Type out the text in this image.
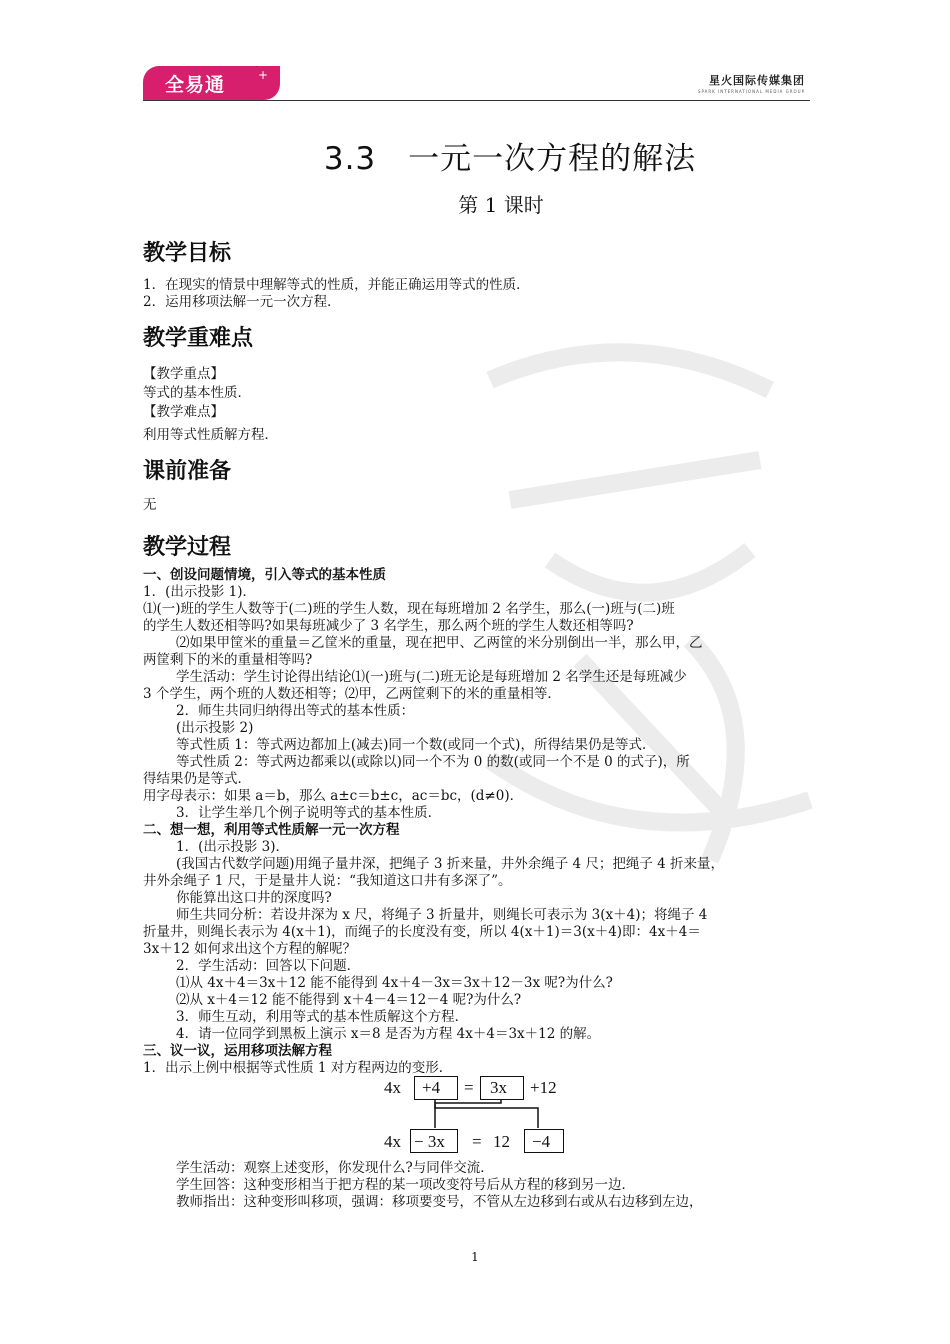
全易通	+	星火国际传媒集团
SPARK INTERNATIONAL MEDIA GROUP
3.3　一元一次方程的解法
第 1 课时
教学目标
1．在现实的情景中理解等式的性质，并能正确运用等式的性质．
2．运用移项法解一元一次方程．
教学重难点
【教学重点】
等式的基本性质．
【教学难点】
利用等式性质解方程．
课前准备
无
教学过程
一、创设问题情境，引入等式的基本性质
1．(出示投影 1)．
⑴(一)班的学生人数等于(二)班的学生人数，现在每班增加 2 名学生，那么(一)班与(二)班
的学生人数还相等吗?如果每班减少了 3 名学生，那么两个班的学生人数还相等吗?
⑵如果甲筐米的重量＝乙筐米的重量，现在把甲、乙两筐的米分别倒出一半，那么甲，乙
两筐剩下的米的重量相等吗?
学生活动：学生讨论得出结论⑴(一)班与(二)班无论是每班增加 2 名学生还是每班减少
3 个学生，两个班的人数还相等；⑵甲，乙两筐剩下的米的重量相等．
2．师生共同归纳得出等式的基本性质：
(出示投影 2)
等式性质 1：等式两边都加上(减去)同一个数(或同一个式)，所得结果仍是等式．
等式性质 2：等式两边都乘以(或除以)同一个不为 0 的数(或同一个不是 0 的式子)，所
得结果仍是等式．
用字母表示：如果 a＝b，那么 a±c＝b±c，ac＝bc，(d≠0)．
3．让学生举几个例子说明等式的基本性质．
二、想一想，利用等式性质解一元一次方程
1．(出示投影 3)．
(我国古代数学问题)用绳子量井深，把绳子 3 折来量，井外余绳子 4 尺；把绳子 4 折来量，
井外余绳子 1 尺，于是量井人说：“我知道这口井有多深了”。
你能算出这口井的深度吗?
师生共同分析：若设井深为 x 尺，将绳子 3 折量井，则绳长可表示为 3(x＋4)；将绳子 4
折量井，则绳长表示为 4(x＋1)，而绳子的长度没有变，所以 4(x＋1)＝3(x＋4)即：4x＋4＝
3x＋12 如何求出这个方程的解呢？
2．学生活动：回答以下问题．
⑴从 4x＋4＝3x＋12 能不能得到 4x＋4－3x＝3x＋12－3x 呢?为什么?
⑵从 x＋4＝12 能不能得到 x＋4－4＝12－4 呢?为什么?
3．师生互动，利用等式的基本性质解这个方程．
4．请一位同学到黑板上演示 x＝8 是否为方程 4x＋4＝3x＋12 的解。
三、议一议，运用移项法解方程
1．出示上例中根据等式性质 1 对方程两边的变形．
4x +4 = 3x +12
4x − 3x = 12 −4
学生活动：观察上述变形，你发现什么?与同伴交流．
学生回答：这种变形相当于把方程的某一项改变符号后从方程的移到另一边．
教师指出：这种变形叫移项，强调：移项要变号，不管从左边移到右或从右边移到左边，
1
